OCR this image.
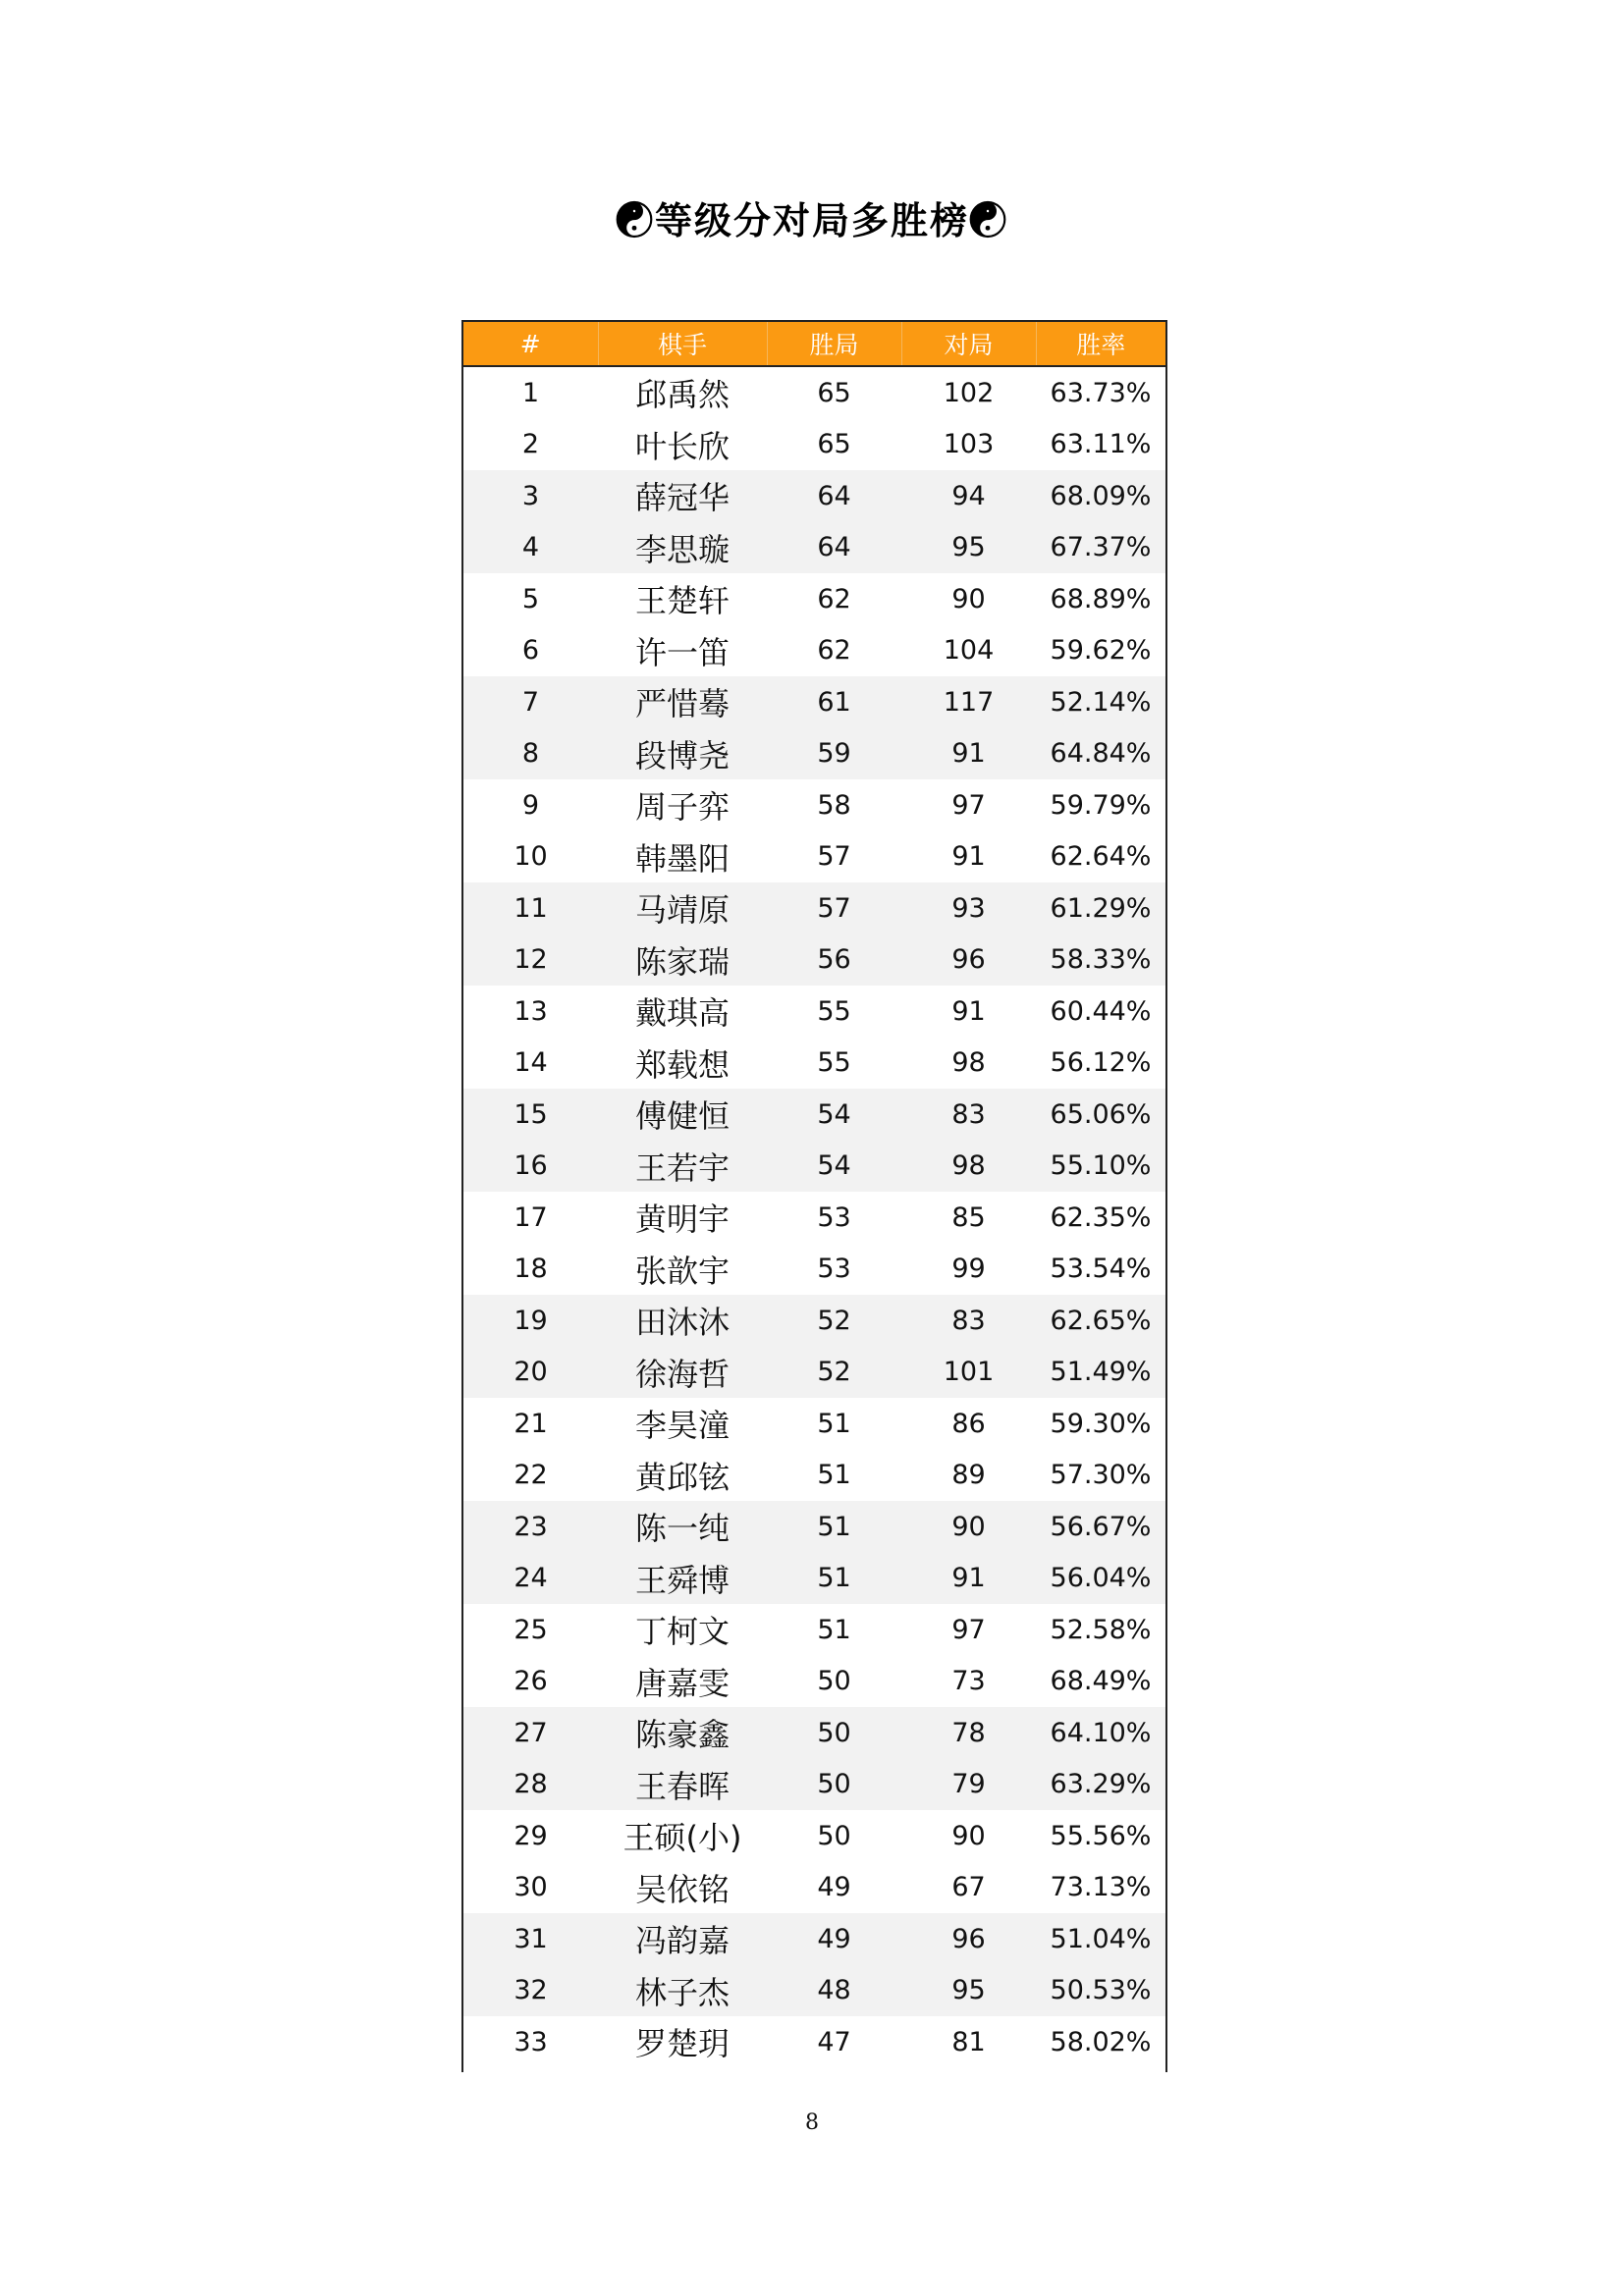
☯等级分对局多胜榜☯
#	棋手	胜局	对局	胜率
1	邱禹然	65	102	63.73%
2	叶长欣	65	103	63.11%
3	薛冠华	64	94	68.09%
4	李思璇	64	95	67.37%
5	王楚轩	62	90	68.89%
6	许一笛	62	104	59.62%
7	严惜蓦	61	117	52.14%
8	段博尧	59	91	64.84%
9	周子弈	58	97	59.79%
10	韩墨阳	57	91	62.64%
11	马靖原	57	93	61.29%
12	陈家瑞	56	96	58.33%
13	戴琪高	55	91	60.44%
14	郑载想	55	98	56.12%
15	傅健恒	54	83	65.06%
16	王若宇	54	98	55.10%
17	黄明宇	53	85	62.35%
18	张歆宇	53	99	53.54%
19	田沐沐	52	83	62.65%
20	徐海哲	52	101	51.49%
21	李昊潼	51	86	59.30%
22	黄邱铉	51	89	57.30%
23	陈一纯	51	90	56.67%
24	王舜博	51	91	56.04%
25	丁柯文	51	97	52.58%
26	唐嘉雯	50	73	68.49%
27	陈豪鑫	50	78	64.10%
28	王春晖	50	79	63.29%
29	王硕(小)	50	90	55.56%
30	吴依铭	49	67	73.13%
31	冯韵嘉	49	96	51.04%
32	林子杰	48	95	50.53%
33	罗楚玥	47	81	58.02%
8
